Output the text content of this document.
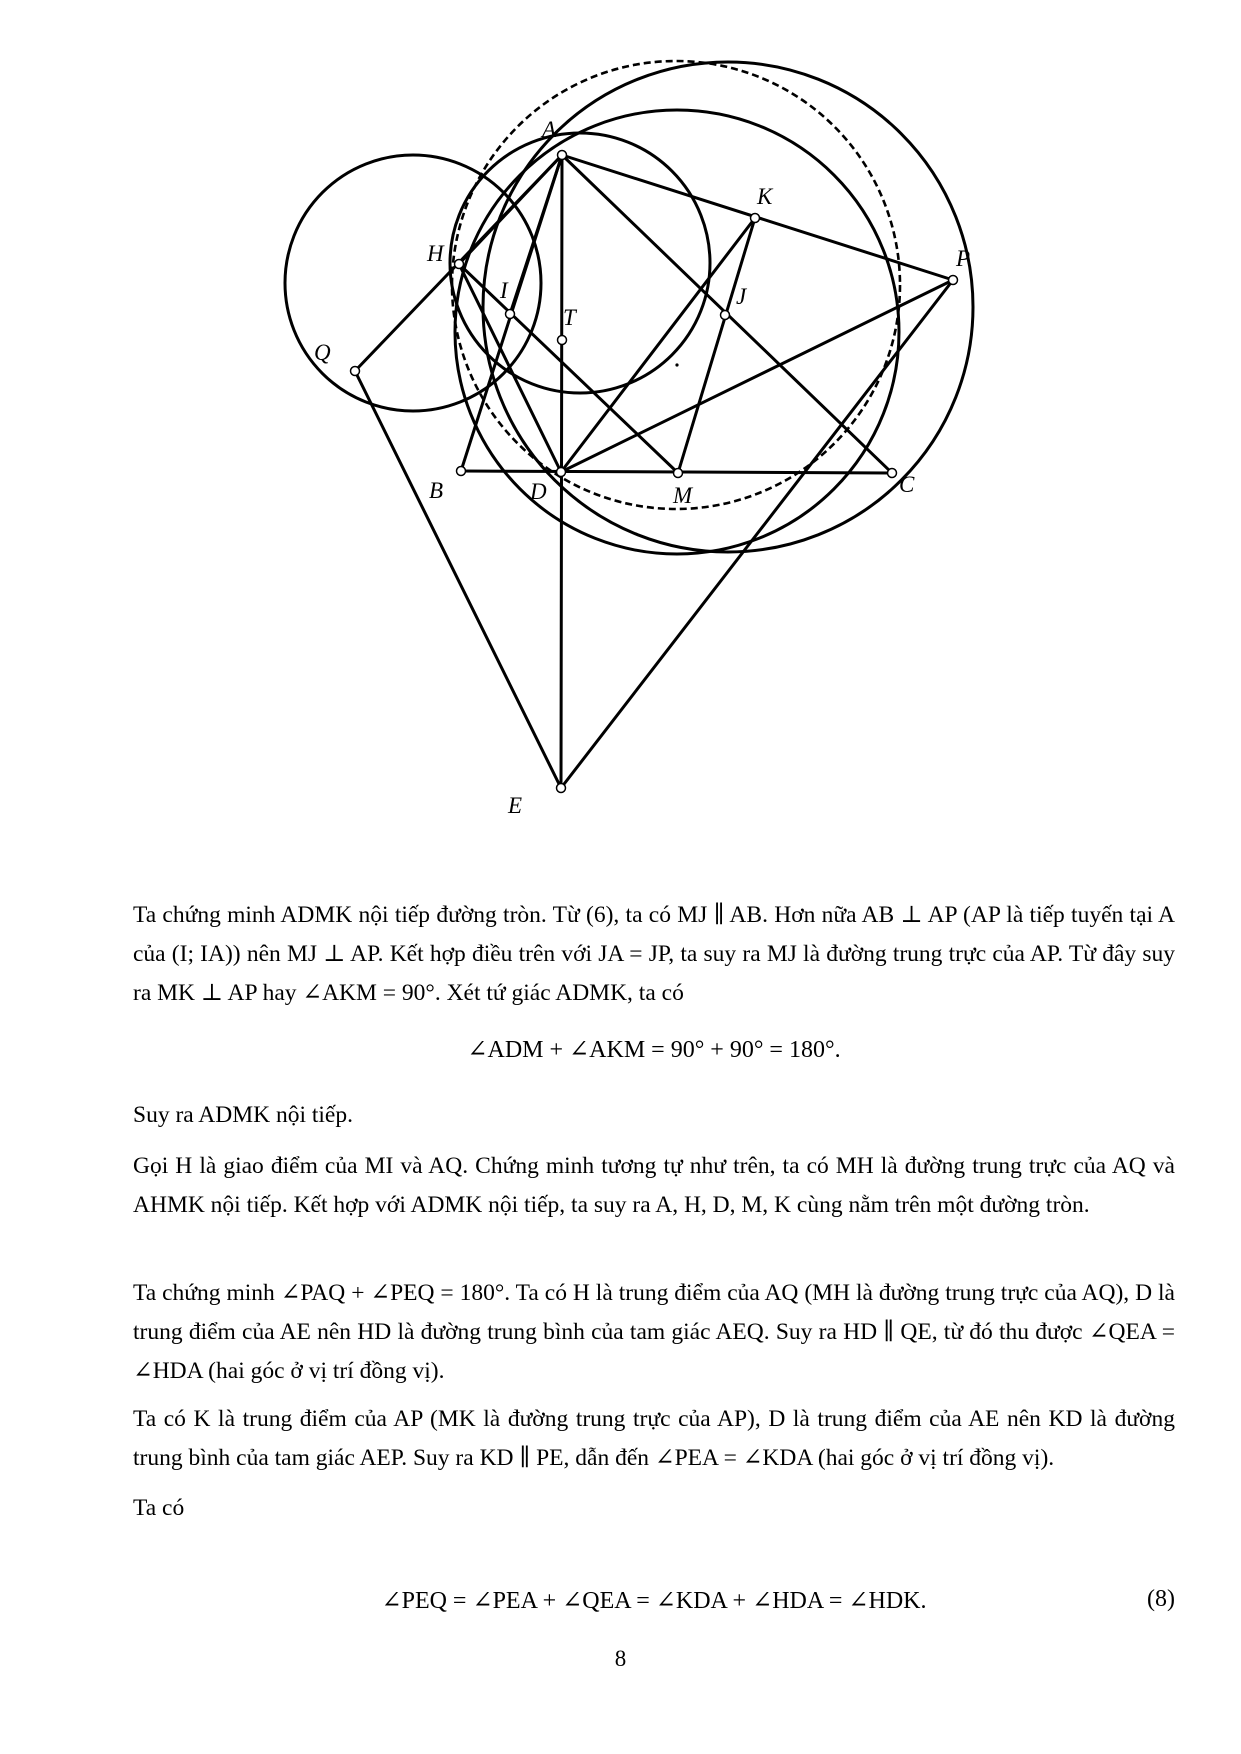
A
K
P
H
I	J
T
Q
B	D	M	C
E

Ta chứng minh ADMK nội tiếp đường tròn. Từ (6), ta có MJ ∥ AB. Hơn nữa AB ⊥ AP (AP là tiếp tuyến tại A của (I; IA)) nên MJ ⊥ AP. Kết hợp điều trên với JA = JP, ta suy ra MJ là đường trung trực của AP. Từ đây suy ra MK ⊥ AP hay ∠AKM = 90°. Xét tứ giác ADMK, ta có

∠ADM + ∠AKM = 90° + 90° = 180°.

Suy ra ADMK nội tiếp.

Gọi H là giao điểm của MI và AQ. Chứng minh tương tự như trên, ta có MH là đường trung trực của AQ và AHMK nội tiếp. Kết hợp với ADMK nội tiếp, ta suy ra A, H, D, M, K cùng nằm trên một đường tròn.

Ta chứng minh ∠PAQ + ∠PEQ = 180°. Ta có H là trung điểm của AQ (MH là đường trung trực của AQ), D là trung điểm của AE nên HD là đường trung bình của tam giác AEQ. Suy ra HD ∥ QE, từ đó thu được ∠QEA = ∠HDA (hai góc ở vị trí đồng vị).

Ta có K là trung điểm của AP (MK là đường trung trực của AP), D là trung điểm của AE nên KD là đường trung bình của tam giác AEP. Suy ra KD ∥ PE, dẫn đến ∠PEA = ∠KDA (hai góc ở vị trí đồng vị).

Ta có

∠PEQ = ∠PEA + ∠QEA = ∠KDA + ∠HDA = ∠HDK.	(8)
8
